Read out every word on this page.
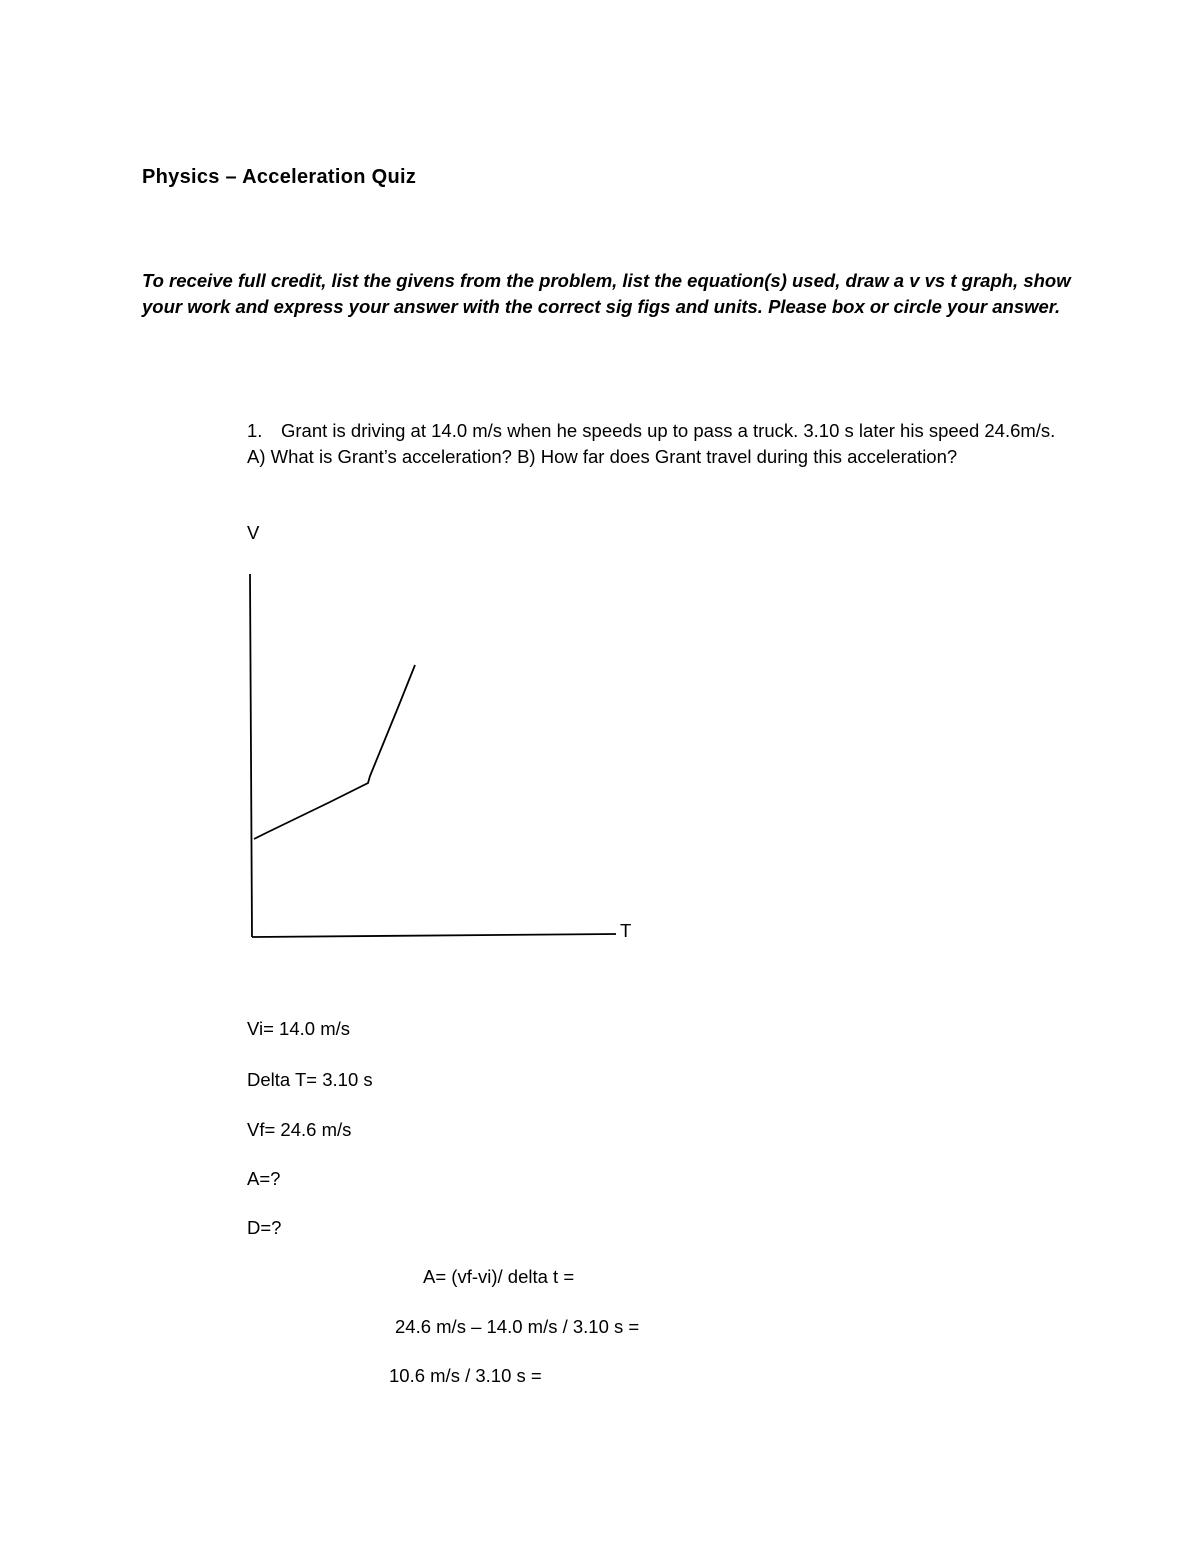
Physics – Acceleration Quiz
To receive full credit, list the givens from the problem, list the equation(s) used, draw a v vs t graph, show your work and express your answer with the correct sig figs and units. Please box or circle your answer.
1. Grant is driving at 14.0 m/s when he speeds up to pass a truck. 3.10 s later his speed 24.6m/s. A) What is Grant’s acceleration? B) How far does Grant travel during this acceleration?
V
T
Vi= 14.0 m/s
Delta T= 3.10 s
Vf= 24.6 m/s
A=?
D=?
A= (vf-vi)/ delta t =
24.6 m/s – 14.0 m/s / 3.10 s =
10.6 m/s / 3.10 s =
